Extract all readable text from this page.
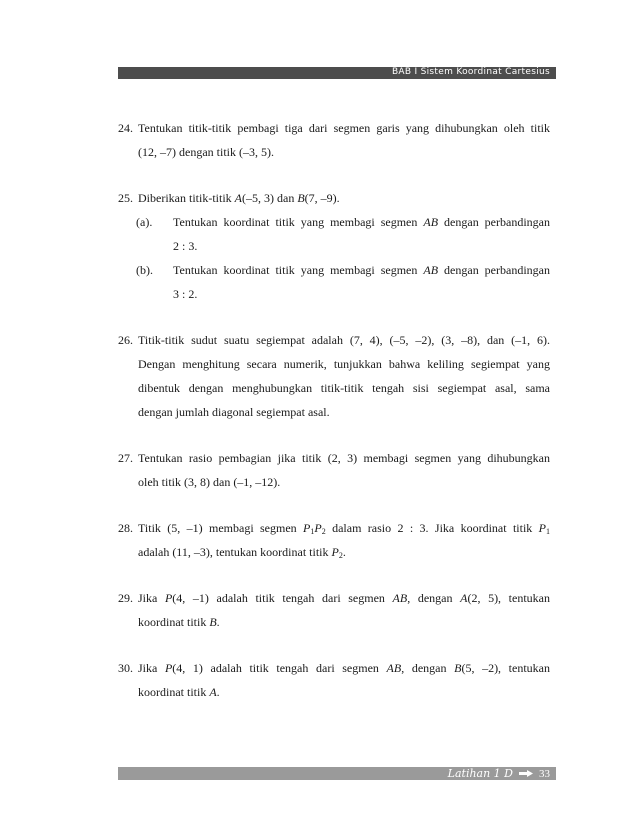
BAB I Sistem Koordinat Cartesius
24. Tentukan titik-titik pembagi tiga dari segmen garis yang dihubungkan oleh titik
(12, –7) dengan titik (–3, 5).
25. Diberikan titik-titik A(–5, 3) dan B(7, –9).
(a).	Tentukan koordinat titik yang membagi segmen AB dengan perbandingan
2 : 3.
(b).	Tentukan koordinat titik yang membagi segmen AB dengan perbandingan
3 : 2.
26. Titik-titik sudut suatu segiempat adalah (7, 4), (–5, –2), (3, –8), dan (–1, 6).
Dengan menghitung secara numerik, tunjukkan bahwa keliling segiempat yang
dibentuk dengan menghubungkan titik-titik tengah sisi segiempat asal, sama
dengan jumlah diagonal segiempat asal.
27. Tentukan rasio pembagian jika titik (2, 3) membagi segmen yang dihubungkan
oleh titik (3, 8) dan (–1, –12).
28. Titik (5, –1) membagi segmen $P_1P_2$ dalam rasio 2 : 3. Jika koordinat titik $P_1$
adalah (11, –3), tentukan koordinat titik $P_2$.
29. Jika P(4, –1) adalah titik tengah dari segmen AB, dengan A(2, 5), tentukan
koordinat titik B.
30. Jika P(4, 1) adalah titik tengah dari segmen AB, dengan B(5, –2), tentukan
koordinat titik A.
Latihan 1 D 33
